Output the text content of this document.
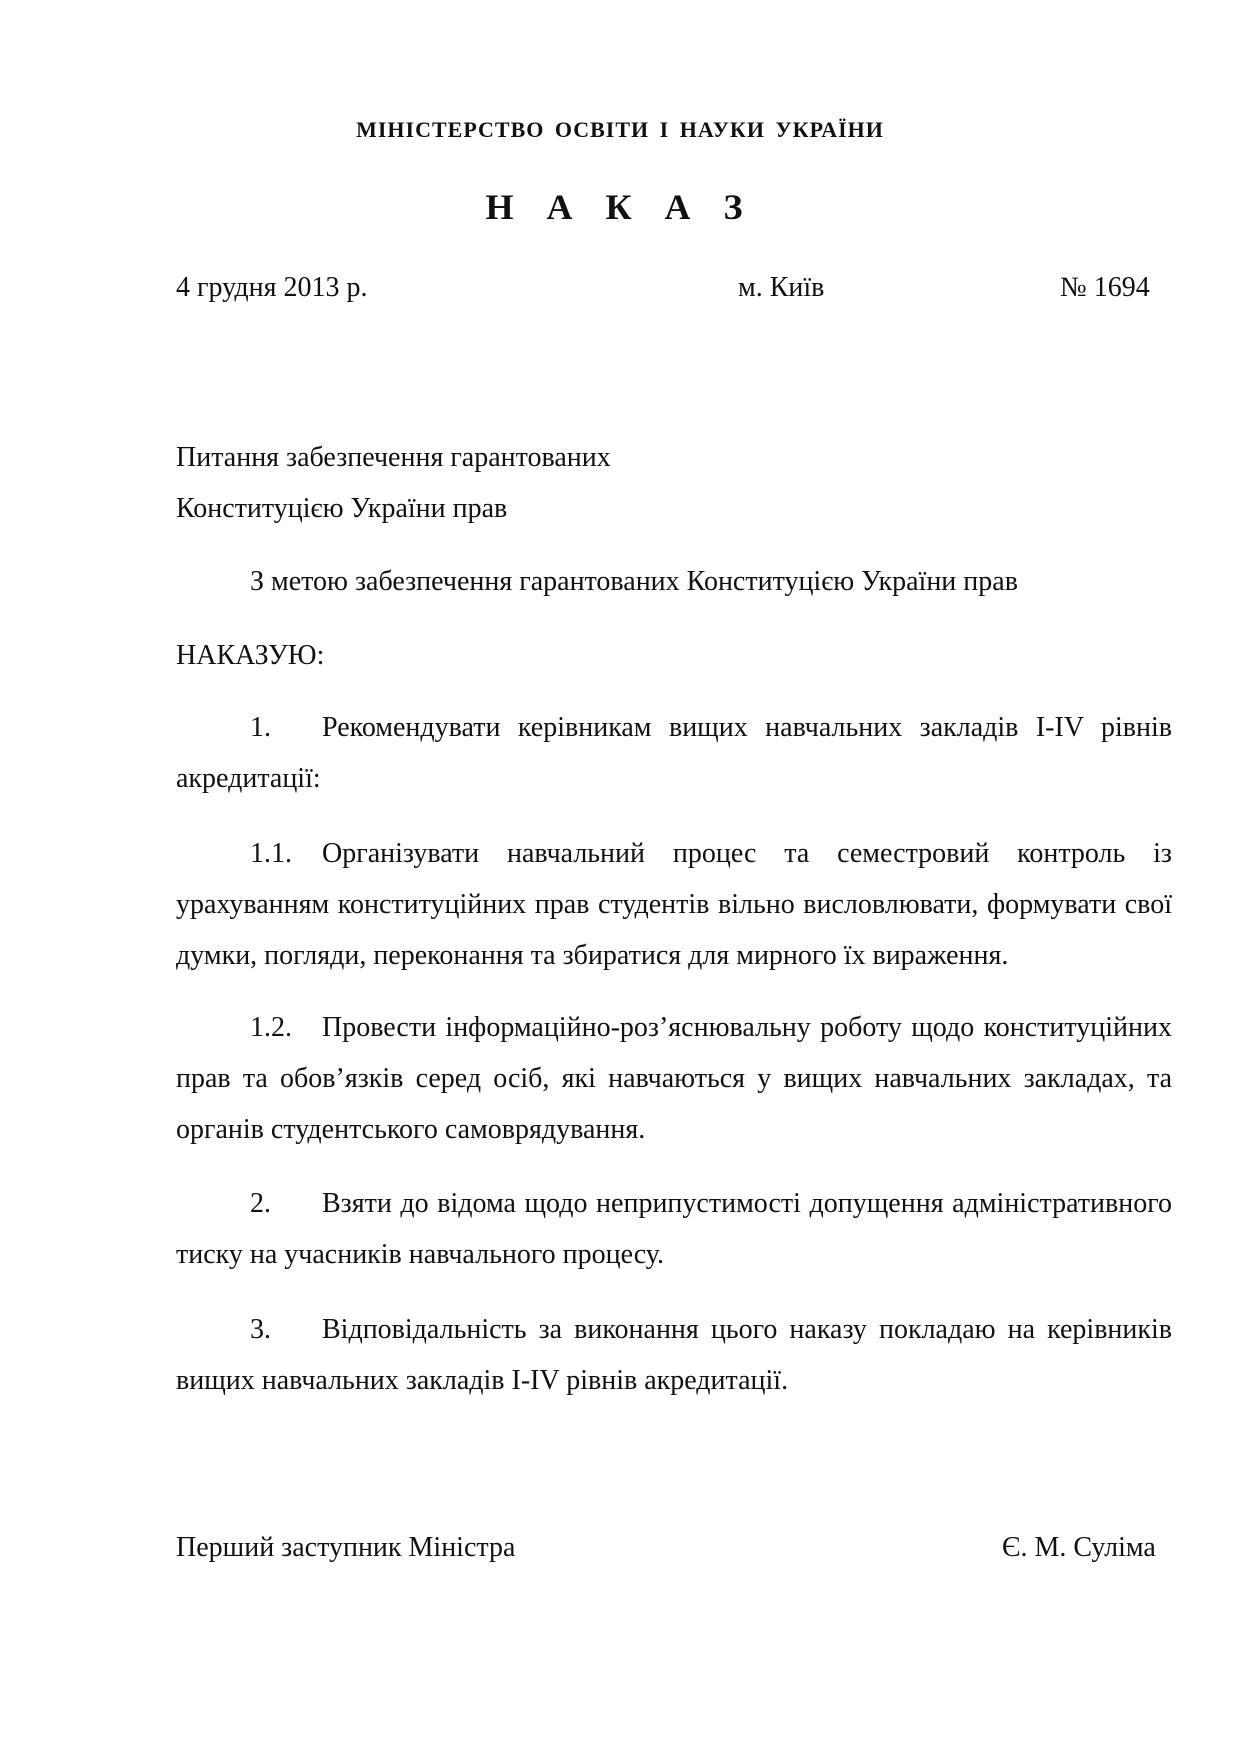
МІНІСТЕРСТВО ОСВІТИ І НАУКИ УКРАЇНИ
Н А К А З
4 грудня 2013 р.	м. Київ	№ 1694
Питання забезпечення гарантованих
Конституцією України прав
З метою забезпечення гарантованих Конституцією України прав
НАКАЗУЮ:
1. Рекомендувати керівникам вищих навчальних закладів І-ІV рівнів акредитації:
1.1. Організувати навчальний процес та семестровий контроль із урахуванням конституційних прав студентів вільно висловлювати, формувати свої думки, погляди, переконання та збиратися для мирного їх вираження.
1.2. Провести інформаційно-роз’яснювальну роботу щодо конституційних прав та обов’язків серед осіб, які навчаються у вищих навчальних закладах, та органів студентського самоврядування.
2. Взяти до відома щодо неприпустимості допущення адміністративного тиску на учасників навчального процесу.
3. Відповідальність за виконання цього наказу покладаю на керівників вищих навчальних закладів І-ІV рівнів акредитації.
Перший заступник Міністра	Є. М. Суліма
